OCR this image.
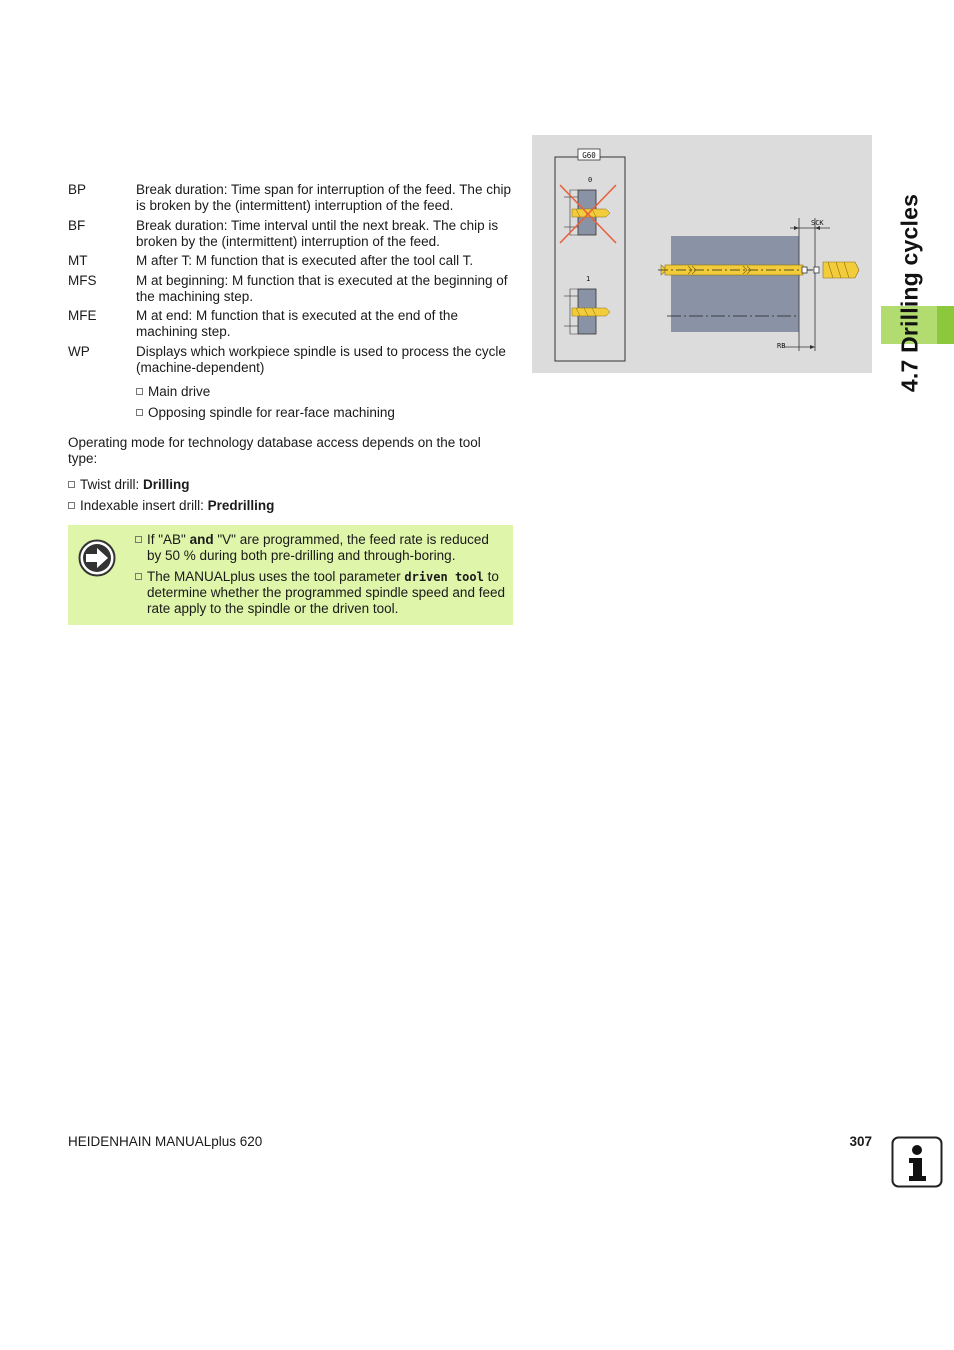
BP	Break duration: Time span for interruption of the feed. The chip is broken by the (intermittent) interruption of the feed.
BF	Break duration: Time interval until the next break. The chip is broken by the (intermittent) interruption of the feed.
MT	M after T: M function that is executed after the tool call T.
MFS	M at beginning: M function that is executed at the beginning of the machining step.
MFE	M at end: M function that is executed at the end of the machining step.
WP	Displays which workpiece spindle is used to process the cycle (machine-dependent)
Main drive
Opposing spindle for rear-face machining
Operating mode for technology database access depends on the tool type:
Twist drill: Drilling
Indexable insert drill: Predrilling
If "AB" and "V" are programmed, the feed rate is reduced by 50 % during both pre-drilling and through-boring.
The MANUALplus uses the tool parameter driven tool to determine whether the programmed spindle speed and feed rate apply to the spindle or the driven tool.
G60
0
1
SCK
RB	4.7 Drilling cycles
HEIDENHAIN MANUALplus 620	307
